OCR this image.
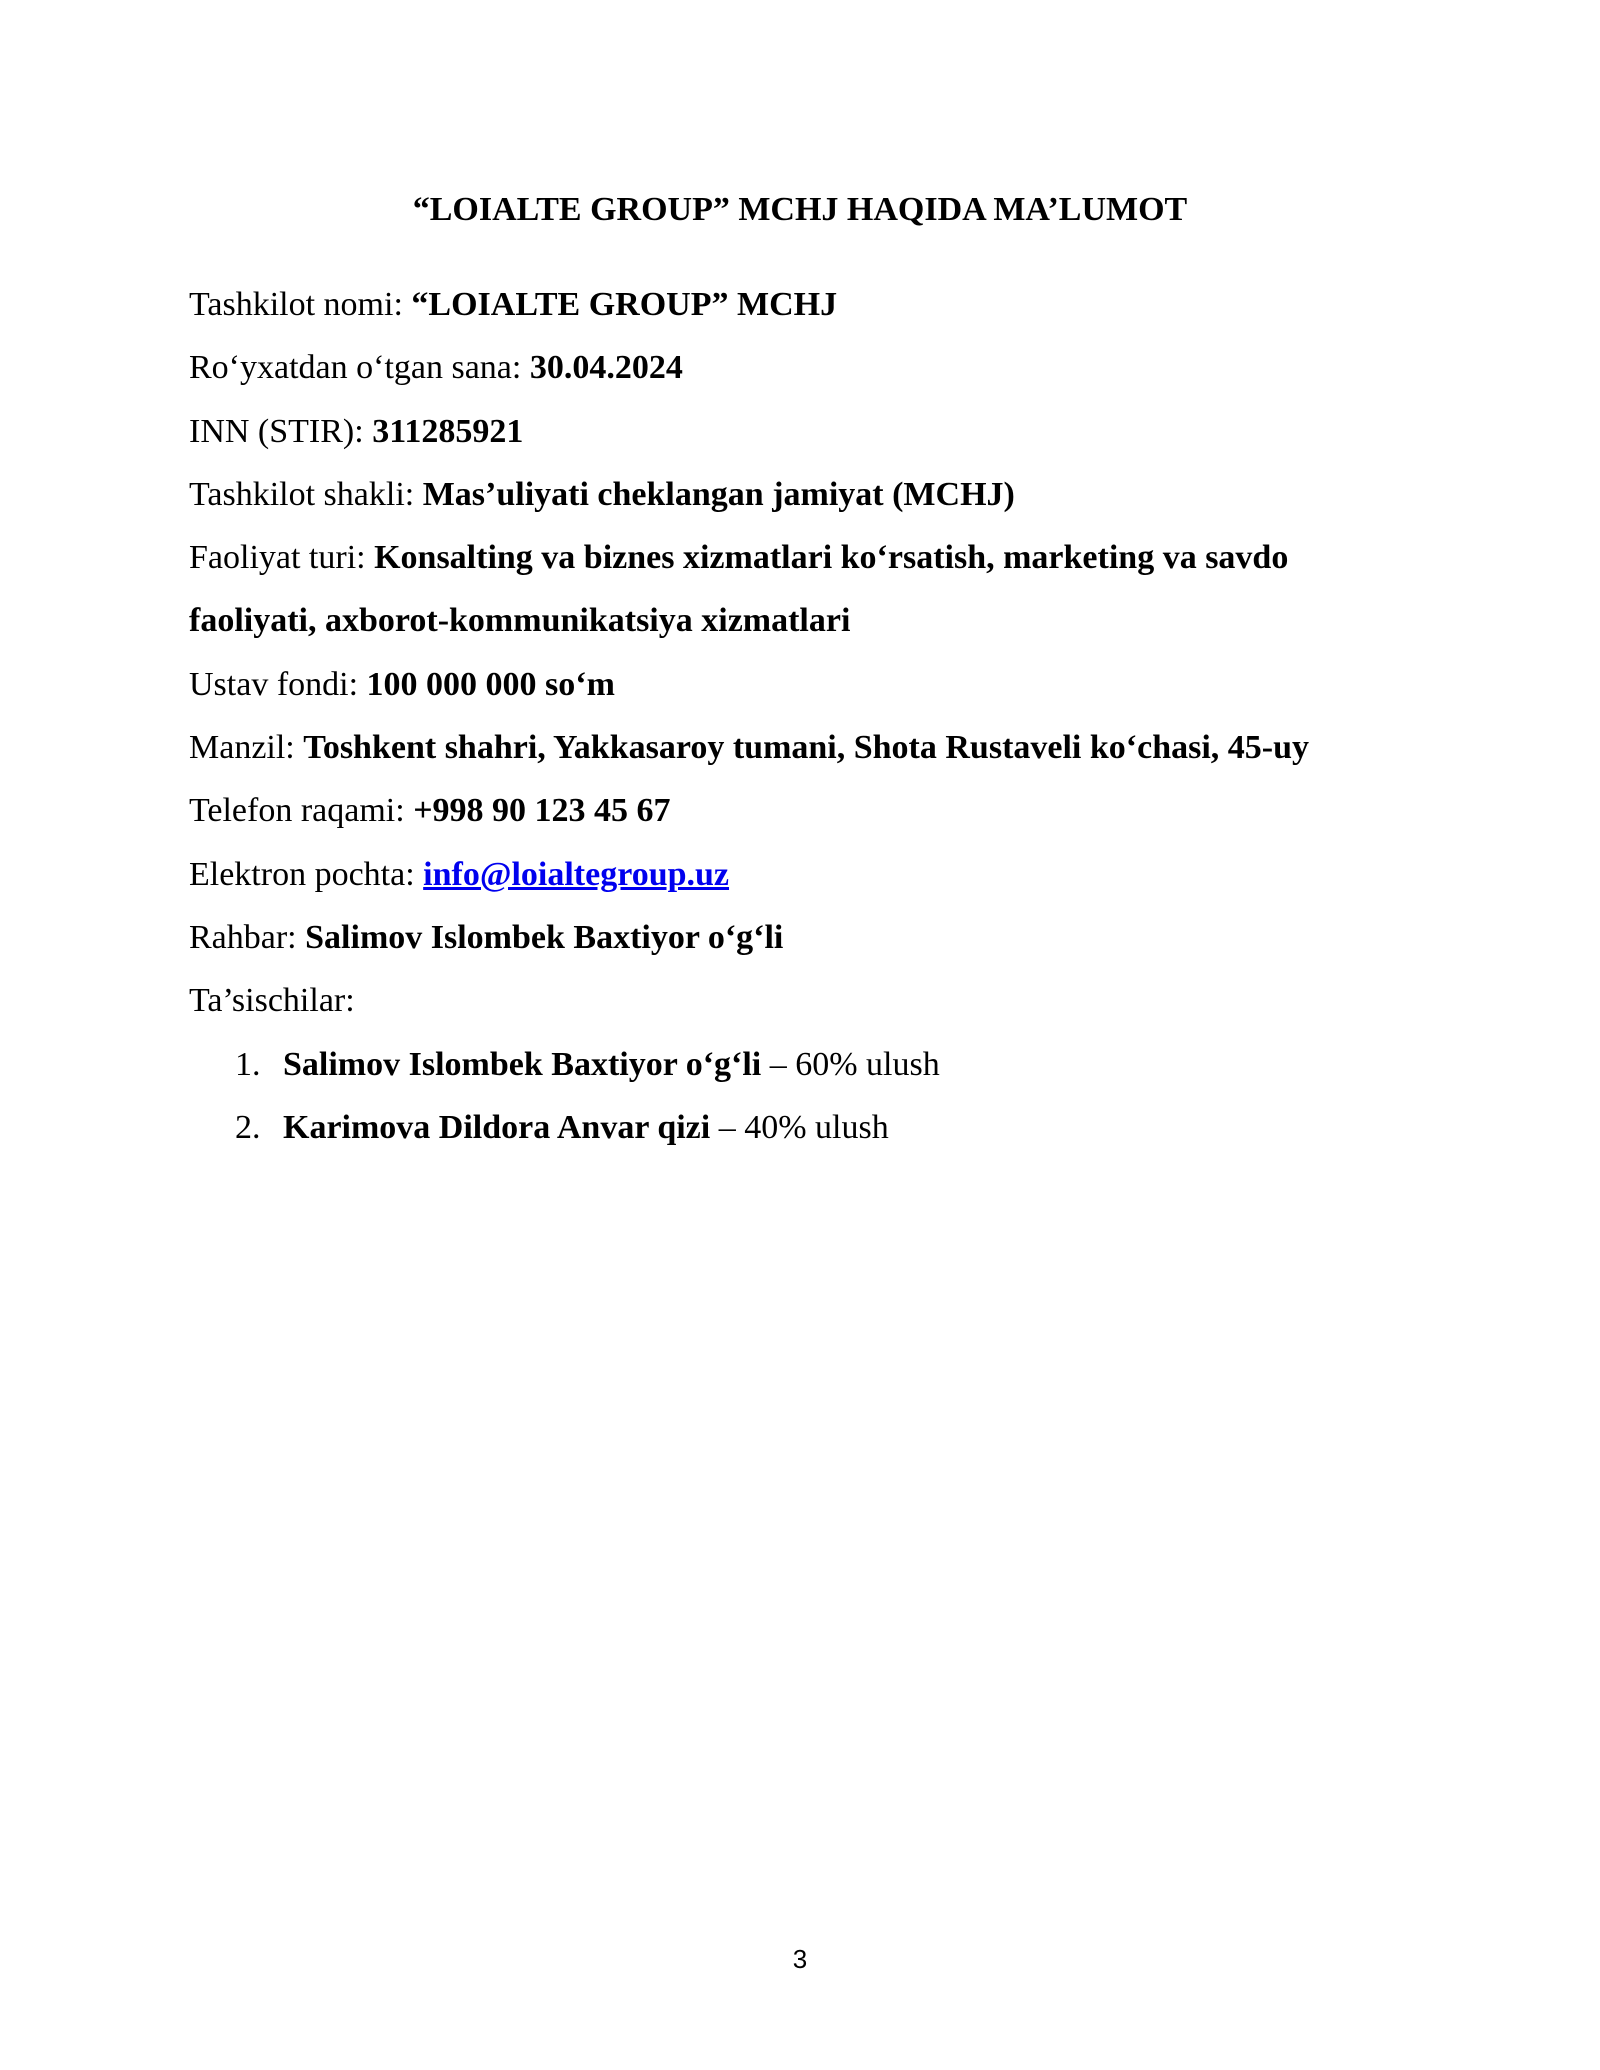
“LOIALTE GROUP” MCHJ HAQIDA MA’LUMOT
Tashkilot nomi: “LOIALTE GROUP” MCHJ
Ro‘yxatdan o‘tgan sana: 30.04.2024
INN (STIR): 311285921
Tashkilot shakli: Mas’uliyati cheklangan jamiyat (MCHJ)
Faoliyat turi: Konsalting va biznes xizmatlari ko‘rsatish, marketing va savdo
faoliyati, axborot-kommunikatsiya xizmatlari
Ustav fondi: 100 000 000 so‘m
Manzil: Toshkent shahri, Yakkasaroy tumani, Shota Rustaveli ko‘chasi, 45-uy
Telefon raqami: +998 90 123 45 67
Elektron pochta: info@loialtegroup.uz
Rahbar: Salimov Islombek Baxtiyor o‘g‘li
Ta’sischilar:
1. Salimov Islombek Baxtiyor o‘g‘li – 60% ulush
2. Karimova Dildora Anvar qizi – 40% ulush
3
